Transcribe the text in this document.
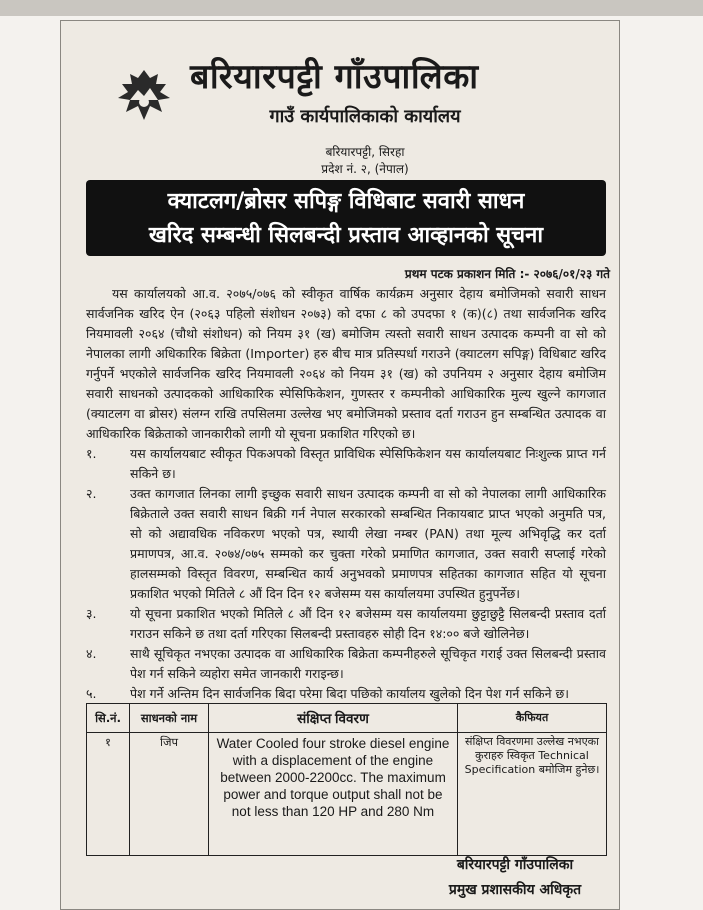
बरियारपट्टी गाँउपालिका
गाउँ कार्यपालिकाको कार्यालय
बरियारपट्टी, सिरहा
प्रदेश नं. २, (नेपाल)
क्याटलग/ब्रोसर सपिङ्ग विधिबाट सवारी साधन
खरिद सम्बन्धी सिलबन्दी प्रस्ताव आव्हानको सूचना
प्रथम पटक प्रकाशन मिति :- २०७६/०१/२३ गते
यस कार्यालयको आ.व. २०७५/०७६ को स्वीकृत वार्षिक कार्यक्रम अनुसार देहाय बमोजिमको सवारी साधन सार्वजनिक खरिद ऐन (२०६३ पहिलो संशोधन २०७३) को दफा ८ को उपदफा १ (क)(८) तथा सार्वजनिक खरिद नियमावली २०६४ (चौथो संशोधन) को नियम ३१ (ख) बमोजिम त्यस्तो सवारी साधन उत्पादक कम्पनी वा सो को नेपालका लागी अधिकारिक बिक्रेता (Importer) हरु बीच मात्र प्रतिस्पर्धा गराउने (क्याटलग सपिङ्ग) विधिबाट खरिद गर्नुपर्ने भएकोले सार्वजनिक खरिद नियमावली २०६४ को नियम ३१ (ख) को उपनियम २ अनुसार देहाय बमोजिम सवारी साधनको उत्पादकको आधिकारिक स्पेसिफिकेशन, गुणस्तर र कम्पनीको आधिकारिक मुल्य खुल्ने कागजात (क्याटलग वा ब्रोसर) संलग्न राखि तपसिलमा उल्लेख भए बमोजिमको प्रस्ताव दर्ता गराउन हुन सम्बन्धित उत्पादक वा आधिकारिक बिक्रेताको जानकारीको लागी यो सूचना प्रकाशित गरिएको छ।
१.	यस कार्यालयबाट स्वीकृत पिकअपको विस्तृत प्राविधिक स्पेसिफिकेशन यस कार्यालयबाट निःशुल्क प्राप्त गर्न सकिने छ।
२.	उक्त कागजात लिनका लागी इच्छुक सवारी साधन उत्पादक कम्पनी वा सो को नेपालका लागी आधिकारिक बिक्रेताले उक्त सवारी साधन बिक्री गर्न नेपाल सरकारको सम्बन्धित निकायबाट प्राप्त भएको अनुमति पत्र, सो को अद्यावधिक नविकरण भएको पत्र, स्थायी लेखा नम्बर (PAN) तथा मूल्य अभिवृद्धि कर दर्ता प्रमाणपत्र, आ.व. २०७४/०७५ सम्मको कर चुक्ता गरेको प्रमाणित कागजात, उक्त सवारी सप्लाई गरेको हालसम्मको विस्तृत विवरण, सम्बन्धित कार्य अनुभवको प्रमाणपत्र सहितका कागजात सहित यो सूचना प्रकाशित भएको मितिले ८ औं दिन दिन १२ बजेसम्म यस कार्यालयमा उपस्थित हुनुपर्नेछ।
३.	यो सूचना प्रकाशित भएको मितिले ८ औं दिन १२ बजेसम्म यस कार्यालयमा छुट्टाछुट्टै सिलबन्दी प्रस्ताव दर्ता गराउन सकिने छ तथा दर्ता गरिएका सिलबन्दी प्रस्तावहरु सोही दिन १४:०० बजे खोलिनेछ।
४.	साथै सूचिकृत नभएका उत्पादक वा आधिकारिक बिक्रेता कम्पनीहरुले सूचिकृत गराई उक्त सिलबन्दी प्रस्ताव पेश गर्न सकिने व्यहोरा समेत जानकारी गराइन्छ।
५.	पेश गर्ने अन्तिम दिन सार्वजनिक बिदा परेमा बिदा पछिको कार्यालय खुलेको दिन पेश गर्न सकिने छ।
सि.नं.	साधनको नाम	संक्षिप्त विवरण	कैफियत
१	जिप	Water Cooled four stroke diesel engine with a displacement of the engine between 2000-2200cc. The maximum power and torque output shall not be not less than 120 HP and 280 Nm	संक्षिप्त विवरणमा उल्लेख नभएका कुराहरु स्विकृत Technical Specification बमोजिम हुनेछ।
बरियारपट्टी गाँउपालिका
प्रमुख प्रशासकीय अधिकृत
